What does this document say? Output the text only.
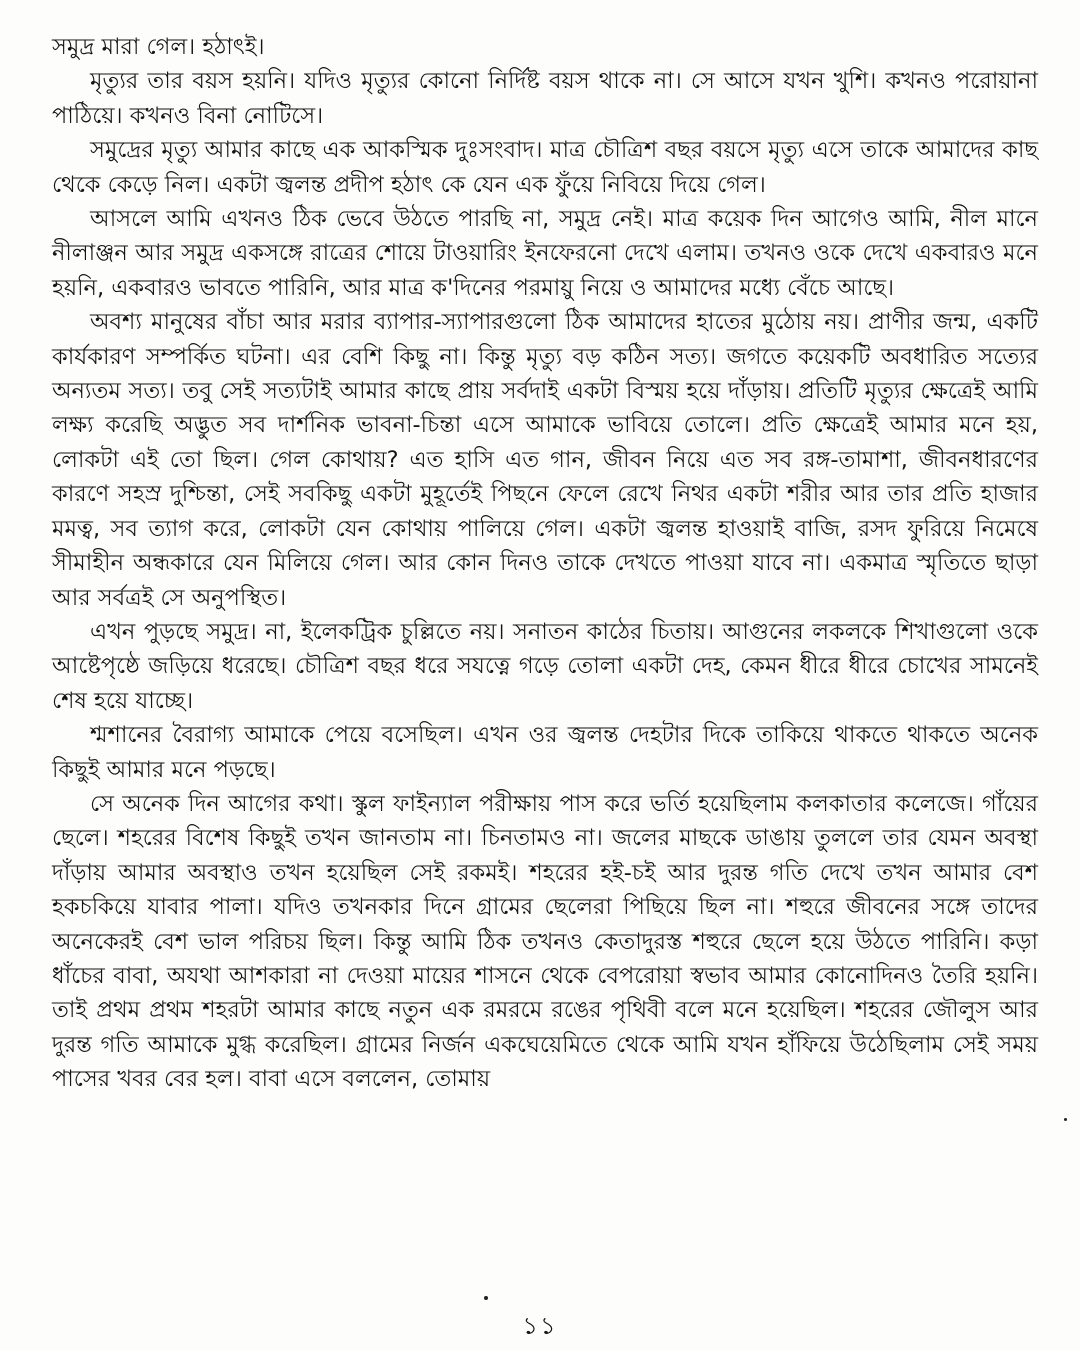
সমুদ্র মারা গেল। হঠাৎই।

মৃত্যুর তার বয়স হয়নি। যদিও মৃত্যুর কোনো নির্দিষ্ট বয়স থাকে না। সে আসে যখন খুশি। কখনও পরোয়ানা পাঠিয়ে। কখনও বিনা নোটিসে।

সমুদ্রের মৃত্যু আমার কাছে এক আকস্মিক দুঃসংবাদ। মাত্র চৌত্রিশ বছর বয়সে মৃত্যু এসে তাকে আমাদের কাছ থেকে কেড়ে নিল। একটা জ্বলন্ত প্রদীপ হঠাৎ কে যেন এক ফুঁয়ে নিবিয়ে দিয়ে গেল।

আসলে আমি এখনও ঠিক ভেবে উঠতে পারছি না, সমুদ্র নেই। মাত্র কয়েক দিন আগেও আমি, নীল মানে নীলাঞ্জন আর সমুদ্র একসঙ্গে রাত্রের শোয়ে টাওয়ারিং ইনফেরনো দেখে এলাম। তখনও ওকে দেখে একবারও মনে হয়নি, একবারও ভাবতে পারিনি, আর মাত্র ক'দিনের পরমায়ু নিয়ে ও আমাদের মধ্যে বেঁচে আছে।

অবশ্য মানুষের বাঁচা আর মরার ব্যাপার-স্যাপারগুলো ঠিক আমাদের হাতের মুঠোয় নয়। প্রাণীর জন্ম, একটি কার্যকারণ সম্পর্কিত ঘটনা। এর বেশি কিছু না। কিন্তু মৃত্যু বড় কঠিন সত্য। জগতে কয়েকটি অবধারিত সত্যের অন্যতম সত্য। তবু সেই সত্যটাই আমার কাছে প্রায় সর্বদাই একটা বিস্ময় হয়ে দাঁড়ায়। প্রতিটি মৃত্যুর ক্ষেত্রেই আমি লক্ষ্য করেছি অদ্ভুত সব দার্শনিক ভাবনা-চিন্তা এসে আমাকে ভাবিয়ে তোলে। প্রতি ক্ষেত্রেই আমার মনে হয়, লোকটা এই তো ছিল। গেল কোথায়? এত হাসি এত গান, জীবন নিয়ে এত সব রঙ্গ-তামাশা, জীবনধারণের কারণে সহস্র দুশ্চিন্তা, সেই সবকিছু একটা মুহূর্তেই পিছনে ফেলে রেখে নিথর একটা শরীর আর তার প্রতি হাজার মমত্ব, সব ত্যাগ করে, লোকটা যেন কোথায় পালিয়ে গেল। একটা জ্বলন্ত হাওয়াই বাজি, রসদ ফুরিয়ে নিমেষে সীমাহীন অন্ধকারে যেন মিলিয়ে গেল। আর কোন দিনও তাকে দেখতে পাওয়া যাবে না। একমাত্র স্মৃতিতে ছাড়া আর সর্বত্রই সে অনুপস্থিত।

এখন পুড়ছে সমুদ্র। না, ইলেকট্রিক চুল্লিতে নয়। সনাতন কাঠের চিতায়। আগুনের লকলকে শিখাগুলো ওকে আষ্টেপৃষ্ঠে জড়িয়ে ধরেছে। চৌত্রিশ বছর ধরে সযত্নে গড়ে তোলা একটা দেহ, কেমন ধীরে ধীরে চোখের সামনেই শেষ হয়ে যাচ্ছে।

শ্মশানের বৈরাগ্য আমাকে পেয়ে বসেছিল। এখন ওর জ্বলন্ত দেহটার দিকে তাকিয়ে থাকতে থাকতে অনেক কিছুই আমার মনে পড়ছে।

সে অনেক দিন আগের কথা। স্কুল ফাইন্যাল পরীক্ষায় পাস করে ভর্তি হয়েছিলাম কলকাতার কলেজে। গাঁয়ের ছেলে। শহরের বিশেষ কিছুই তখন জানতাম না। চিনতামও না। জলের মাছকে ডাঙায় তুললে তার যেমন অবস্থা দাঁড়ায় আমার অবস্থাও তখন হয়েছিল সেই রকমই। শহরের হই-চই আর দুরন্ত গতি দেখে তখন আমার বেশ হকচকিয়ে যাবার পালা। যদিও তখনকার দিনে গ্রামের ছেলেরা পিছিয়ে ছিল না। শহুরে জীবনের সঙ্গে তাদের অনেকেরই বেশ ভাল পরিচয় ছিল। কিন্তু আমি ঠিক তখনও কেতাদুরস্ত শহুরে ছেলে হয়ে উঠতে পারিনি। কড়া ধাঁচের বাবা, অযথা আশকারা না দেওয়া মায়ের শাসনে থেকে বেপরোয়া স্বভাব আমার কোনোদিনও তৈরি হয়নি। তাই প্রথম প্রথম শহরটা আমার কাছে নতুন এক রমরমে রঙের পৃথিবী বলে মনে হয়েছিল। শহরের জৌলুস আর দুরন্ত গতি আমাকে মুগ্ধ করেছিল। গ্রামের নির্জন একঘেয়েমিতে থেকে আমি যখন হাঁফিয়ে উঠেছিলাম সেই সময় পাসের খবর বের হল। বাবা এসে বললেন, তোমায়

১১
